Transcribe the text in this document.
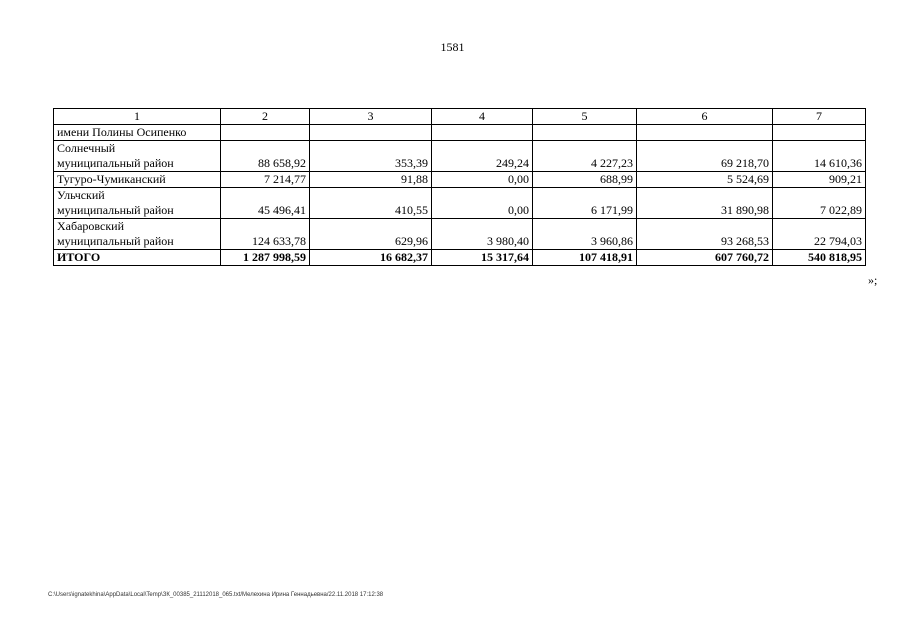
1581
1	2	3	4	5	6	7

имени Полины Осипенко						

Солнечный
муниципальный район	88 658,92	353,39	249,24	4 227,23	69 218,70	14 610,36

Тугуро-Чумиканский	7 214,77	91,88	0,00	688,99	5 524,69	909,21

Ульчский
муниципальный район	45 496,41	410,55	0,00	6 171,99	31 890,98	7 022,89

Хабаровский
муниципальный район	124 633,78	629,96	3 980,40	3 960,86	93 268,53	22 794,03
ИТОГО	1 287 998,59	16 682,37	15 317,64	107 418,91	607 760,72	540 818,95
»;
C:\Users\ignatekhina\AppData\Local\Temp\ЗК_00385_21112018_065.txt/Мелехина Ирина Геннадьевна/22.11.2018 17:12:38
